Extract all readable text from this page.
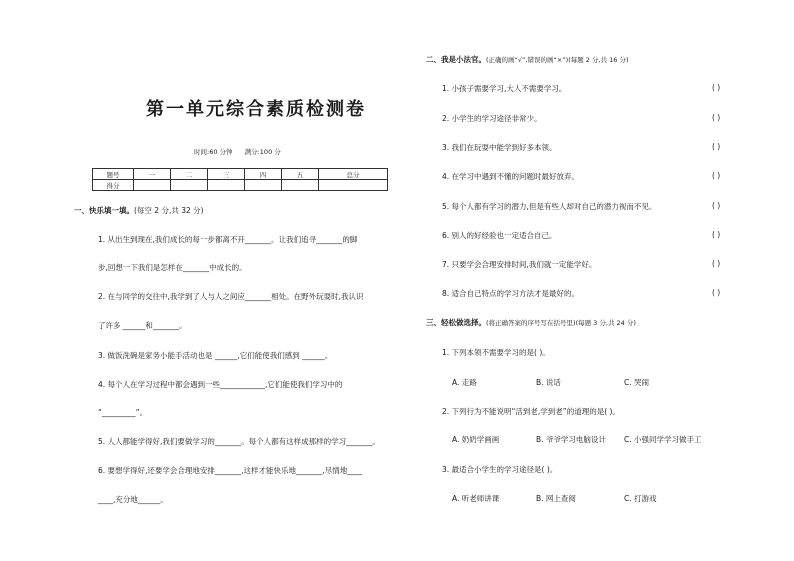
第一单元综合素质检测卷
时间:60 分钟 满分:100 分
题号	一	二	三	四	五	总分
得分						
一、快乐填一填。(每空 2 分,共 32 分)
1. 从出生到现在,我们成长的每一步都离不开_______。让我们追寻_______的脚
步,回想一下我们是怎样在_______中成长的。
2. 在与同学的交往中,我学到了人与人之间应_______相处。在野外玩耍时,我认识
了许多 ______和_______。
3. 做饭洗碗是家务小能手活动也是 ______,它们能使我们感到 ______。
4. 每个人在学习过程中都会遇到一些____________,它们能使我们学习中的
“_________”。
5. 人人都能学得好,我们要做学习的_______。每个人都有这样成那样的学习_______。
6. 要想学得好,还要学会合理地安排_______,这样才能快乐地_______,尽情地____
____,充分地______。
二、我是小法官。(正确的画“√”,错误的画“×”)(每题 2 分,共 16 分)
1. 小孩子需要学习,大人不需要学习。	( )
2. 小学生的学习途径非常少。	( )
3. 我们在玩耍中能学到好多本领。	( )
4. 在学习中遇到不懂的问题时最好放弃。	( )
5. 每个人都有学习的潜力,但是有些人却对自己的潜力视而不见。	( )
6. 别人的好经验也一定适合自己。	( )
7. 只要学会合理安排时间,我们就一定能学好。	( )
8. 适合自己特点的学习方法才是最好的。	( )
三、轻松做选择。(将正确答案的序号写在括号里)(每题 3 分,共 24 分)
1. 下列本领不需要学习的是( )。
A. 走路	B. 说话	C. 哭闹
2. 下列行为不能说明“活到老,学到老”的道理的是( )。
A. 奶奶学画画	B. 爷爷学习电脑设计 C. 小强同学学习做手工
3. 最适合小学生的学习途径是( )。
A. 听老师讲课	B. 网上查阅	C. 打游戏
